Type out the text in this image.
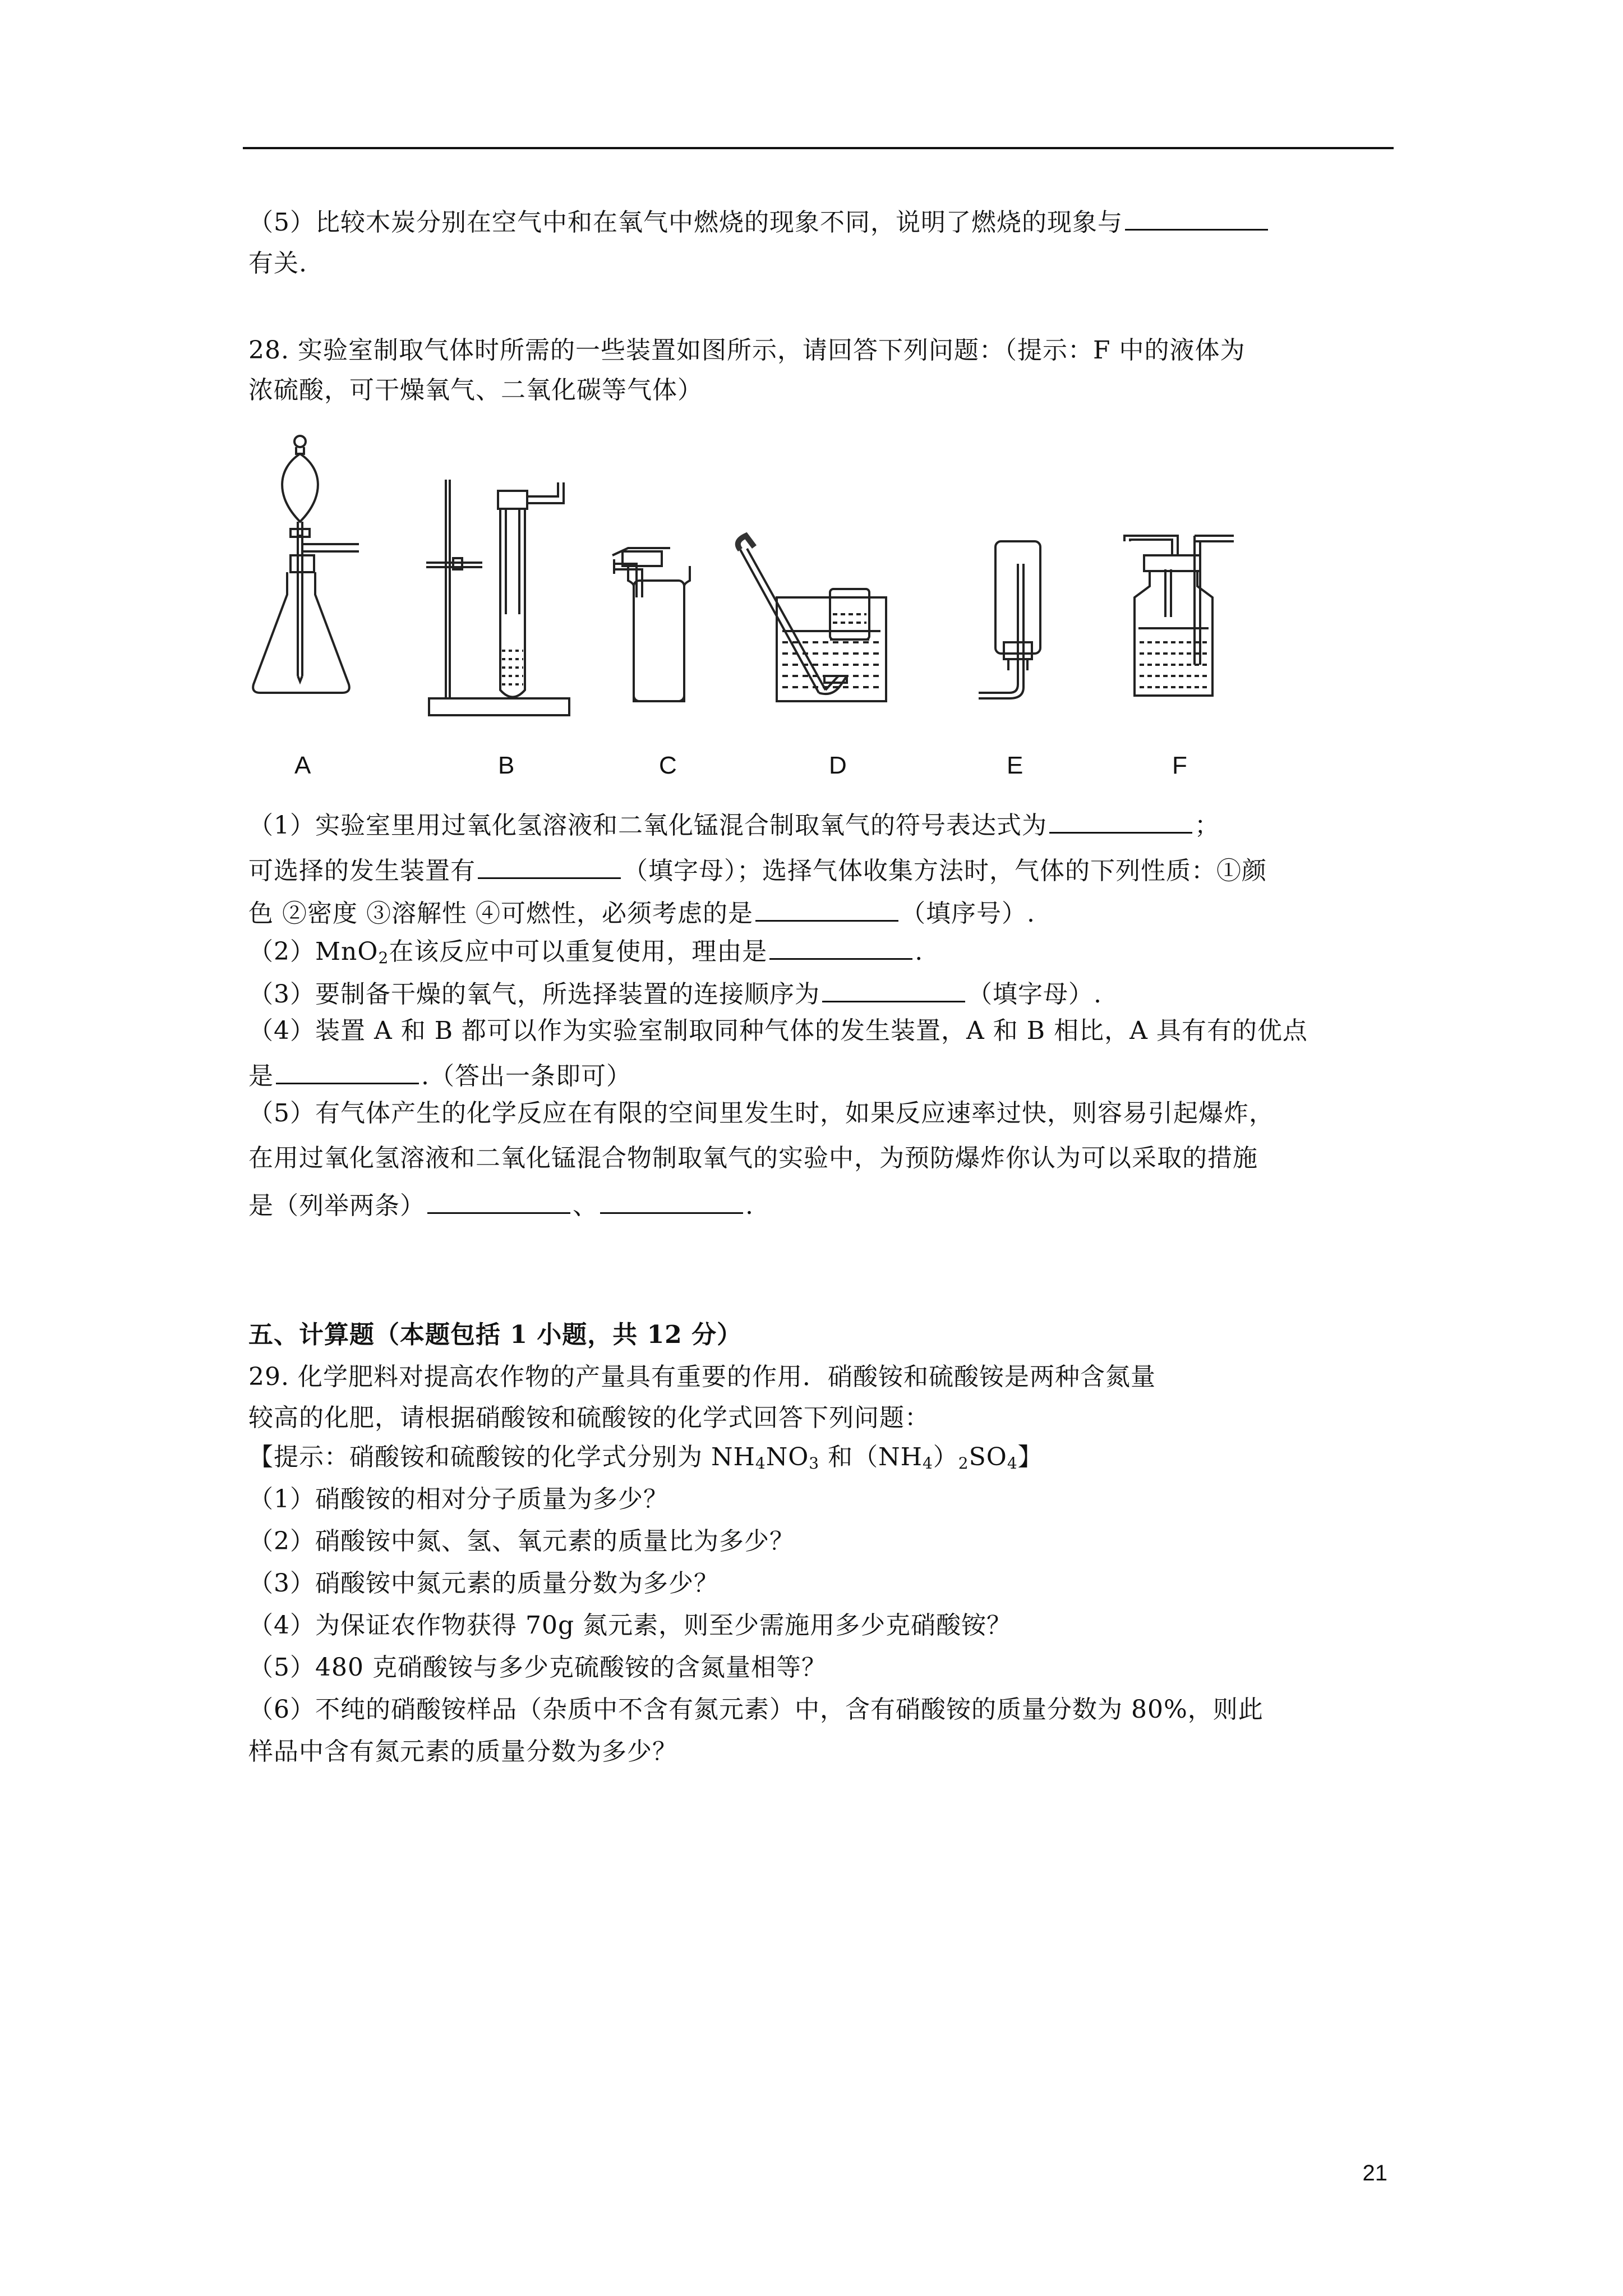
（5）比较木炭分别在空气中和在氧气中燃烧的现象不同，说明了燃烧的现象与
有关.
28. 实验室制取气体时所需的一些装置如图所示，请回答下列问题：（提示：F 中的液体为
浓硫酸，可干燥氧气、二氧化碳等气体）
A	B	C	D	E	F
（1）实验室里用过氧化氢溶液和二氧化锰混合制取氧气的符号表达式为	；
可选择的发生装置有	（填字母）；选择气体收集方法时，气体的下列性质：①颜
色 ②密度 ③溶解性 ④可燃性，必须考虑的是	（填序号）.
（2）MnO$_2$在该反应中可以重复使用，理由是	.
（3）要制备干燥的氧气，所选择装置的连接顺序为	（填字母）.
（4）装置 A 和 B 都可以作为实验室制取同种气体的发生装置，A 和 B 相比，A 具有有的优点
是	.（答出一条即可）
（5）有气体产生的化学反应在有限的空间里发生时，如果反应速率过快，则容易引起爆炸，
在用过氧化氢溶液和二氧化锰混合物制取氧气的实验中，为预防爆炸你认为可以采取的措施
是（列举两条）	、	.
五、计算题（本题包括 1 小题，共 12 分）
29. 化学肥料对提高农作物的产量具有重要的作用．硝酸铵和硫酸铵是两种含氮量
较高的化肥，请根据硝酸铵和硫酸铵的化学式回答下列问题：
【提示：硝酸铵和硫酸铵的化学式分别为 $NH_4NO_3$ 和$(NH_4)_2SO_4$】
（1）硝酸铵的相对分子质量为多少？
（2）硝酸铵中氮、氢、氧元素的质量比为多少？
（3）硝酸铵中氮元素的质量分数为多少？
（4）为保证农作物获得 70g 氮元素，则至少需施用多少克硝酸铵？
（5）480 克硝酸铵与多少克硫酸铵的含氮量相等？
（6）不纯的硝酸铵样品（杂质中不含有氮元素）中，含有硝酸铵的质量分数为 80%，则此
样品中含有氮元素的质量分数为多少？
21
